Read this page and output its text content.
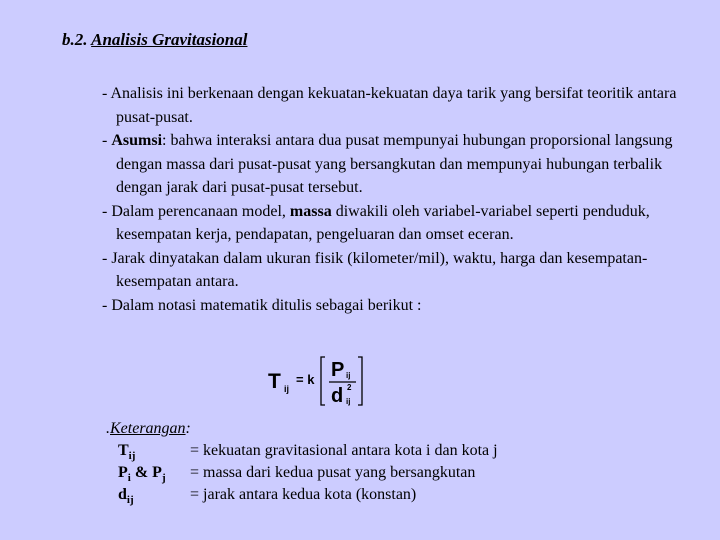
b.2. Analisis Gravitasional
- Analisis ini berkenaan dengan kekuatan-kekuatan daya tarik yang bersifat teoritik antara pusat-pusat.
- Asumsi: bahwa interaksi antara dua pusat mempunyai hubungan proporsional langsung dengan massa dari pusat-pusat yang bersangkutan dan mempunyai hubungan terbalik dengan jarak dari pusat-pusat tersebut.
- Dalam perencanaan model, massa diwakili oleh variabel-variabel seperti penduduk, kesempatan kerja, pendapatan, pengeluaran dan omset eceran.
- Jarak dinyatakan dalam ukuran fisik (kilometer/mil), waktu, harga dan kesempatan-kesempatan antara.
- Dalam notasi matematik ditulis sebagai berikut :
T ij
= k P ij
2
d ij
.Keterangan:
$T_{ij}$	= kekuatan gravitasional antara kota i dan kota j
$P_i$ & $P_j$ = massa dari kedua pusat yang bersangkutan
$d_{ij}$	= jarak antara kedua kota (konstan)
